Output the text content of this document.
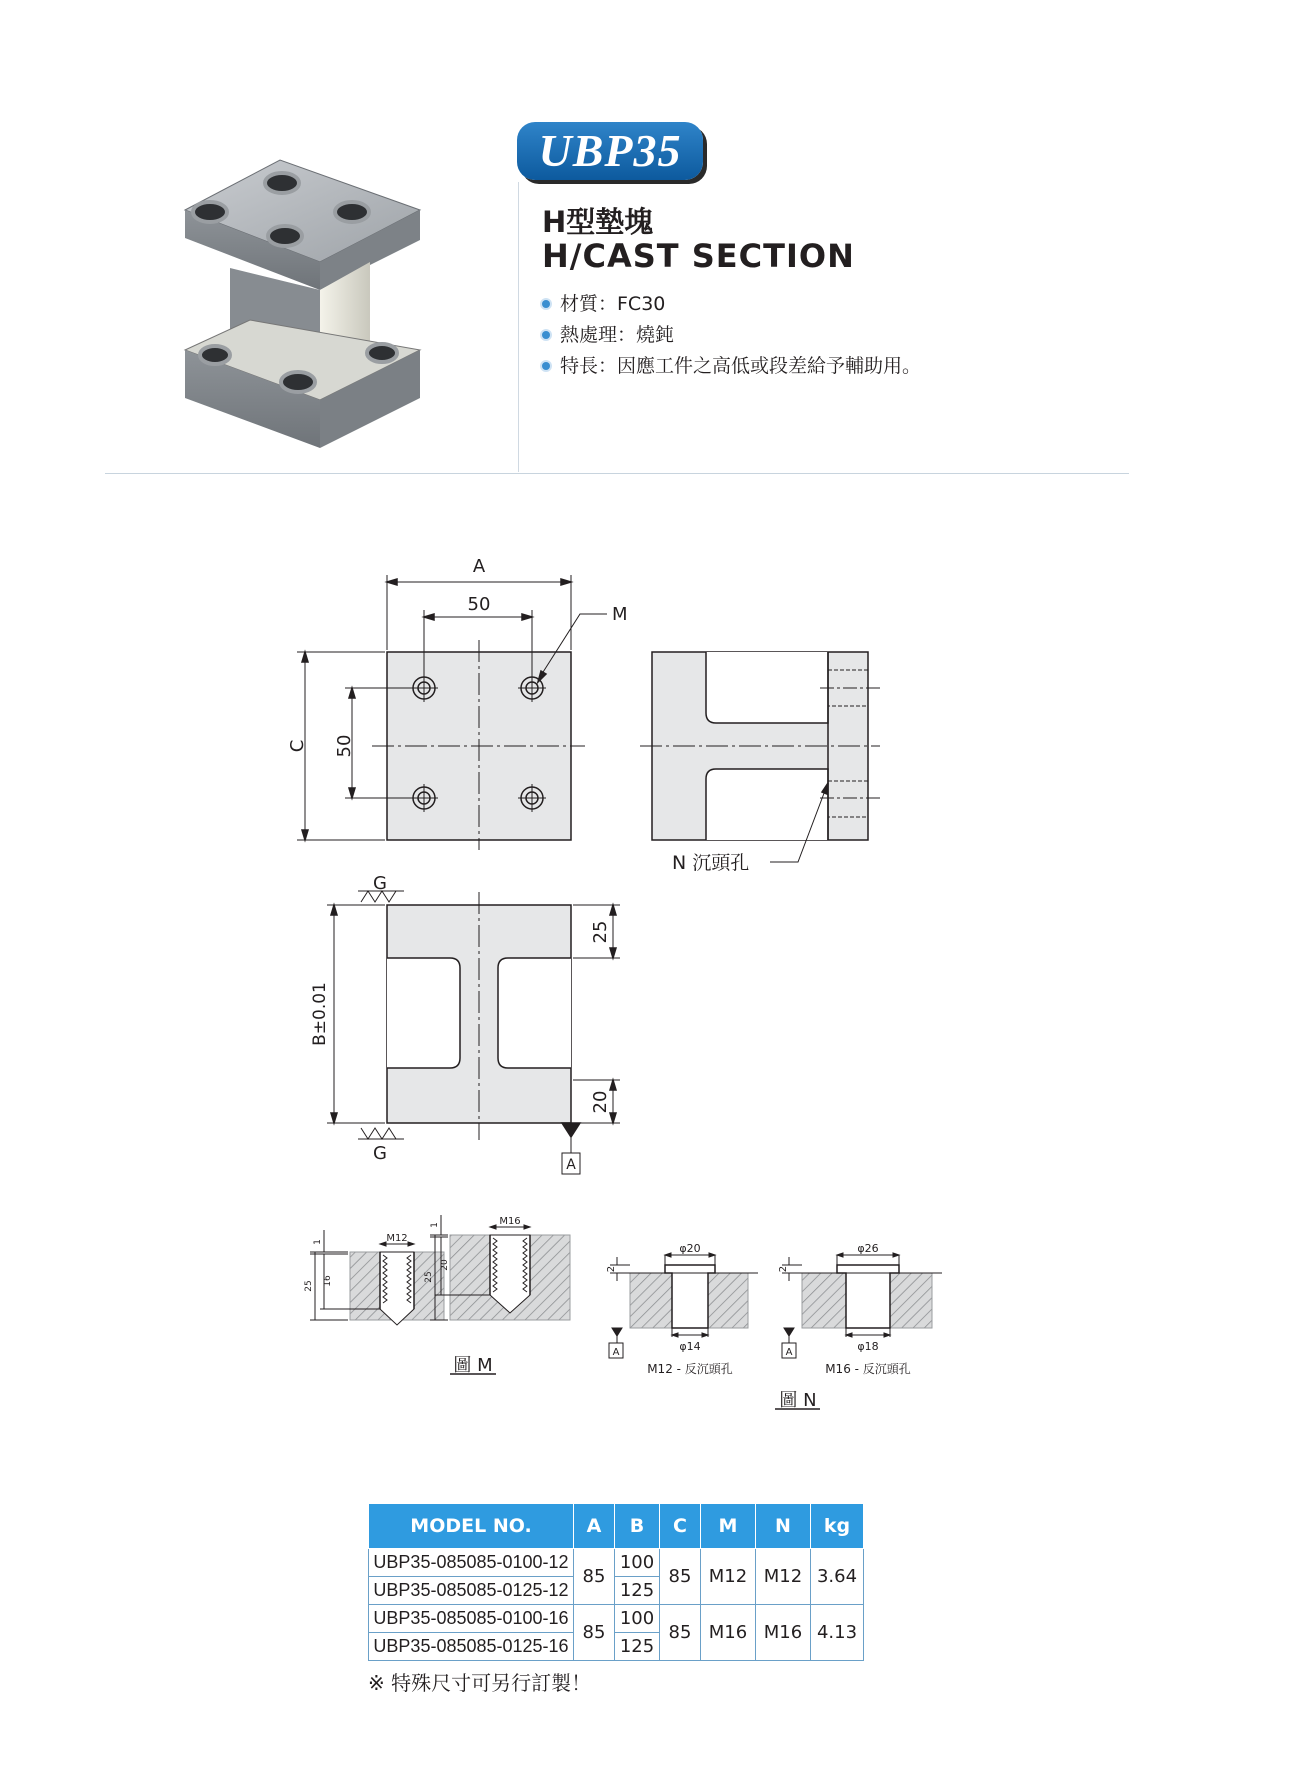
UBP35
H型墊塊
H/CAST SECTION
材質：FC30
熱處理：燒鈍
特長：因應工件之高低或段差給予輔助用。
A
50	M
C 50
N 沉頭孔
G
G
B±0.01
25
20
A
M12
1
16
25
M16
1
20
25
圖 M
φ20
φ14
2
A
M12 - 反沉頭孔
φ26
φ18
2
A
M16 - 反沉頭孔
圖 N
MODEL NO.	A	B	C	M	N	kg
UBP35-085085-0100-12	85	100	85	M12	M12	3.64
UBP35-085085-0125-12		125				
UBP35-085085-0100-16	85	100	85	M16	M16	4.13
UBP35-085085-0125-16		125				
※ 特殊尺寸可另行訂製！
